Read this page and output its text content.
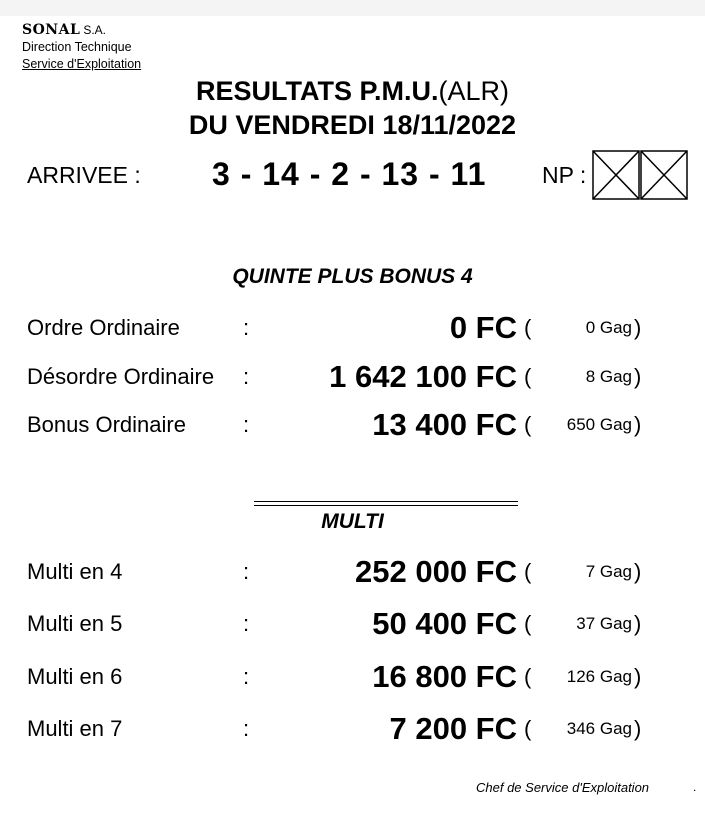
SONAL S.A.
Direction Technique
Service d'Exploitation
RESULTATS P.M.U.(ALR)
DU VENDREDI 18/11/2022
ARRIVEE : 3 - 14 - 2 - 13 - 11 NP :
QUINTE PLUS BONUS 4
Ordre Ordinaire	:	0 FC (	0 Gag )
Désordre Ordinaire :	1 642 100 FC (	8 Gag )
Bonus Ordinaire	:	13 400 FC ( 650 Gag )
MULTI
Multi en 4	:	252 000 FC (	7 Gag )
Multi en 5	:	50 400 FC (	37 Gag )
Multi en 6	:	16 800 FC ( 126 Gag )
Multi en 7	:	7 200 FC ( 346 Gag )
Chef de Service d'Exploitation	.
